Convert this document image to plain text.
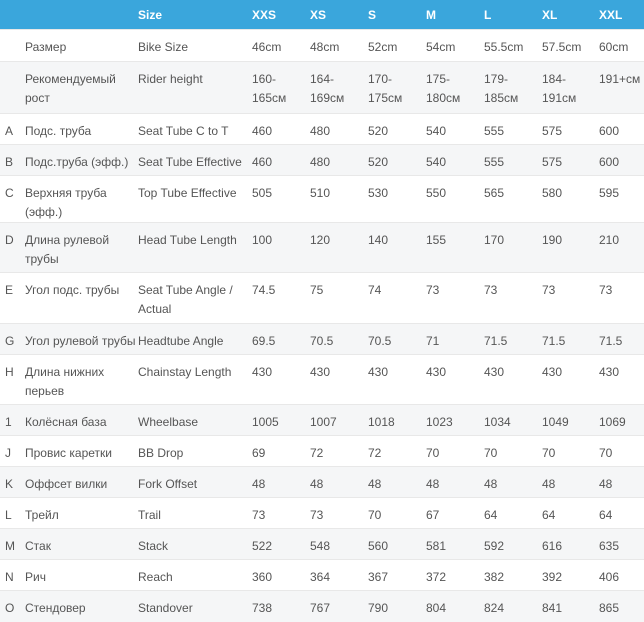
		Size	XXS	XS	S	M	L	XL	XXL
	Размер	Bike Size	46cm	48cm	52cm	54cm	55.5cm	57.5cm	60cm
	Рекомендуемый рост	Rider height	160-165см	164-169см	170-175см	175-180см	179-185см	184-191см	191+см
A	Подс. труба	Seat Tube C to T	460	480	520	540	555	575	600
B	Подс.труба (эфф.)	Seat Tube Effective	460	480	520	540	555	575	600
C	Верхняя труба (эфф.)	Top Tube Effective	505	510	530	550	565	580	595
D	Длина рулевой трубы	Head Tube Length	100	120	140	155	170	190	210
E	Угол подс. трубы	Seat Tube Angle / Actual	74.5	75	74	73	73	73	73
G	Угол рулевой трубы	Headtube Angle	69.5	70.5	70.5	71	71.5	71.5	71.5
H	Длина нижних перьев	Chainstay Length	430	430	430	430	430	430	430
1	Колёсная база	Wheelbase	1005	1007	1018	1023	1034	1049	1069
J	Провис каретки	BB Drop	69	72	72	70	70	70	70
K	Оффсет вилки	Fork Offset	48	48	48	48	48	48	48
L	Трейл	Trail	73	73	70	67	64	64	64
M	Стак	Stack	522	548	560	581	592	616	635
N	Рич	Reach	360	364	367	372	382	392	406
O	Стендовер	Standover	738	767	790	804	824	841	865
